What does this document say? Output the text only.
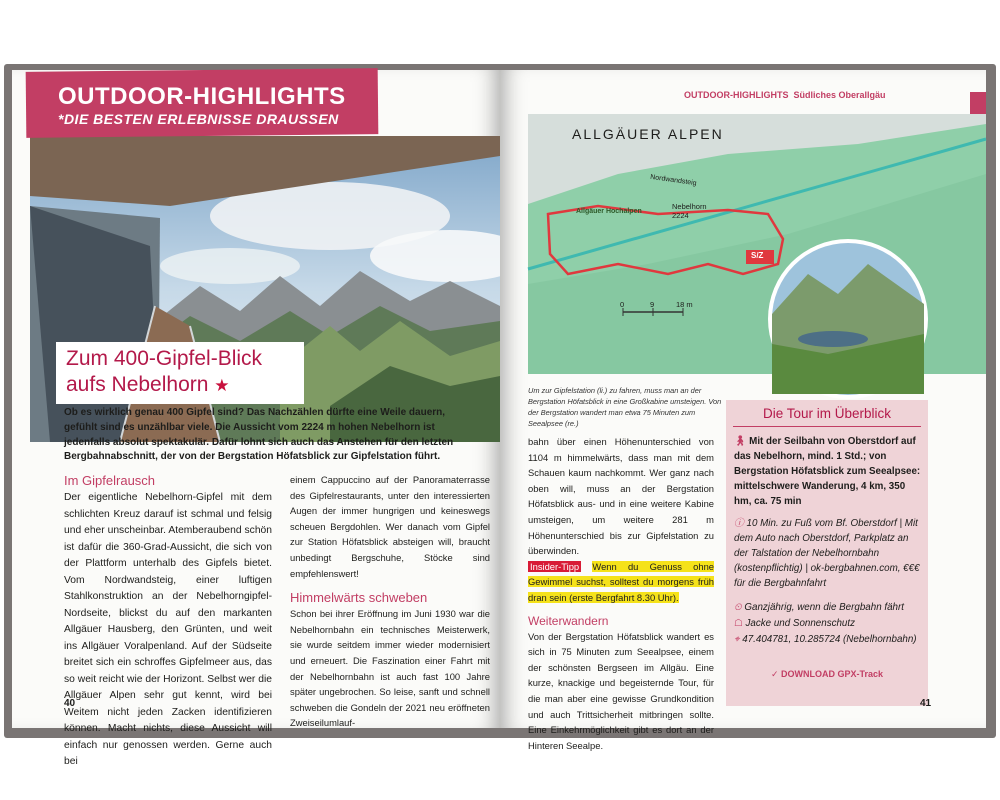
OUTDOOR-HIGHLIGHTS
*DIE BESTEN ERLEBNISSE DRAUSSEN
Zum 400-Gipfel-Blick
aufs Nebelhorn ★
Ob es wirklich genau 400 Gipfel sind? Das Nachzählen dürfte eine Weile dauern, gefühlt sind es unzählbar viele. Die Aussicht vom 2224 m hohen Nebelhorn ist jedenfalls absolut spektakulär. Dafür lohnt sich auch das Anstehen für den letzten Bergbahnabschnitt, der von der Bergstation Höfatsblick zur Gipfelstation führt.
Im Gipfelrausch
Der eigentliche Nebelhorn-Gipfel mit dem schlichten Kreuz darauf ist schmal und felsig und eher unscheinbar. Atemberaubend schön ist dafür die 360-Grad-Aussicht, die sich von der Plattform unterhalb des Gipfels bietet. Vom Nordwandsteig, einer luftigen Stahlkonstruktion an der Nebelhorngipfel-Nordseite, blickst du auf den markanten Allgäuer Hausberg, den Grünten, und weit ins Allgäuer Voralpenland. Auf der Südseite breitet sich ein schroffes Gipfelmeer aus, das so weit reicht wie der Horizont. Selbst wer die Allgäuer Alpen sehr gut kennt, wird bei Weitem nicht jeden Zacken identifizieren können. Macht nichts, diese Aussicht will einfach nur genossen werden. Gerne auch bei
einem Cappuccino auf der Panoramaterrasse des Gipfelrestaurants, unter den interessierten Augen der immer hungrigen und keineswegs scheuen Bergdohlen. Wer danach vom Gipfel zur Station Höfatsblick absteigen will, braucht unbedingt Bergschuhe, Stöcke sind empfehlenswert!
Himmelwärts schweben
Schon bei ihrer Eröffnung im Juni 1930 war die Nebelhornbahn ein technisches Meisterwerk, sie wurde seitdem immer wieder modernisiert und erneuert. Die Faszination einer Fahrt mit der Nebelhornbahn ist auch fast 100 Jahre später ungebrochen. So leise, sanft und schnell schweben die Gondeln der 2021 neu eröffneten Zweiseilumlauf-
40
OUTDOOR-HIGHLIGHTS Südliches Oberallgäu
ALLGÄUER ALPEN
Nordwandsteig
Allgäuer Hochalpen
Nebelhorn
2224
S/Z
0	9	18 m
Um zur Gipfelstation (li.) zu fahren, muss man an der Bergstation Höfatsblick in eine Großkabine umsteigen. Von der Bergstation wandert man etwa 75 Minuten zum Seealpsee (re.)
bahn über einen Höhenunterschied von 1104 m himmelwärts, dass man mit dem Schauen kaum nachkommt. Wer ganz nach oben will, muss an der Bergstation Höfatsblick aus- und in eine weitere Kabine umsteigen, um weitere 281 m Höhenunterschied bis zur Gipfelstation zu überwinden.
Insider-Tipp Wenn du Genuss ohne Gewimmel suchst, solltest du morgens früh dran sein (erste Bergfahrt 8.30 Uhr).
Weiterwandern
Von der Bergstation Höfatsblick wandert es sich in 75 Minuten zum Seealpsee, einem der schönsten Bergseen im Allgäu. Eine kurze, knackige und begeisternde Tour, für die man aber eine gewisse Grundkondition und auch Trittsicherheit mitbringen sollte. Eine Einkehrmöglichkeit gibt es dort an der Hinteren Seealpe.
Die Tour im Überblick
🚶︎ Mit der Seilbahn von Oberstdorf auf das Nebelhorn, mind. 1 Std.; von Bergstation Höfatsblick zum Seealpsee: mittelschwere Wanderung, 4 km, 350 hm, ca. 75 min
ⓘ 10 Min. zu Fuß vom Bf. Oberstdorf | Mit dem Auto nach Oberstdorf, Parkplatz an der Talstation der Nebelhornbahn (kostenpflichtig) | ok-bergbahnen.com, €€€ für die Bergbahnfahrt
⏲ Ganzjährig, wenn die Bergbahn fährt
☖ Jacke und Sonnenschutz
⌖ 47.404781, 10.285724 (Nebelhornbahn)
✓ DOWNLOAD GPX-Track
41
